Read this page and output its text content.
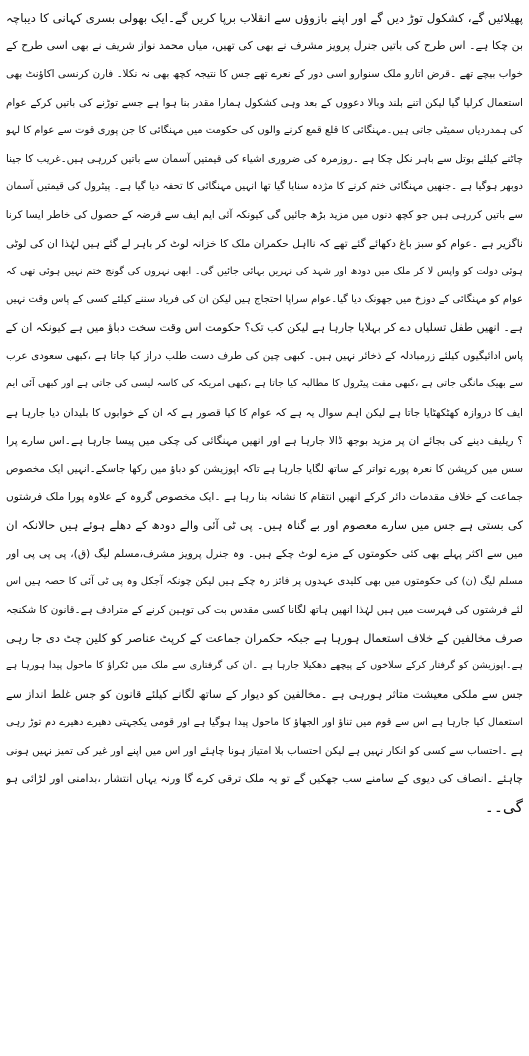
پھیلائیں گے، کشکول توڑ دیں گے اور اپنے بازوؤں سے انقلاب برپا کریں گے۔ایک بھولی بسری کہانی کا دیباچہ
بن چکا ہے۔ اس طرح کی باتیں جنرل پرویز مشرف نے بھی کی تھیں، میاں محمد نواز شریف نے بھی اسی طرح کے
خواب بیچے تھے ۔قرض اتارو ملک سنوارو اسی دور کے نعرے تھے جس کا نتیجہ کچھ بھی نہ نکلا۔ فارن کرنسی اکاؤنٹ بھی
استعمال کرلیا گیا لیکن اتنے بلند وبالا دعووں کے بعد وہی کشکول ہمارا مقدر بنا ہوا ہے جسے توڑنے کی باتیں کرکے عوام
کی ہمدردیاں سمیٹی جاتی ہیں۔مہنگائی کا قلع قمع کرنے والوں کی حکومت میں مہنگائی کا جن پوری قوت سے عوام کا لہو
چاٹنے کیلئے بوتل سے باہر نکل چکا ہے ۔روزمرہ کی ضروری اشیاء کی قیمتیں آسمان سے باتیں کررہی ہیں۔غریب کا جینا
دوبھر ہوگیا ہے ۔جنھیں مہنگائی ختم کرنے کا مژدہ سنایا گیا تھا انہیں مہنگائی کا تحفہ دیا گیا ہے۔ پیٹرول کی قیمتیں آسمان
سے باتیں کررہی ہیں جو کچھ دنوں میں مزید بڑھ جائیں گی کیونکہ آئی ایم ایف سے قرضہ کے حصول کی خاطر ایسا کرنا
ناگزیر ہے ۔عوام کو سبز باغ دکھائے گئے تھے کہ نااہل حکمران ملک کا خزانہ لوٹ کر باہر لے گئے ہیں لہٰذا ان کی لوٹی
ہوئی دولت کو واپس لا کر ملک میں دودھ اور شہد کی نہریں بہائی جائیں گی۔ ابھی نہروں کی گونج ختم نہیں ہوئی تھی کہ
عوام کو مہنگائی کے دوزخ میں جھونک دیا گیا۔عوام سراپا احتجاج ہیں لیکن ان کی فریاد سننے کیلئے کسی کے پاس وقت نہیں
ہے۔ انھیں طفل تسلیاں دے کر بہلایا جارہا ہے لیکن کب تک؟ حکومت اس وقت سخت دباؤ میں ہے کیونکہ ان کے
پاس ادائیگیوں کیلئے زرمبادلہ کے ذخائر نہیں ہیں۔ کبھی چین کی طرف دست طلب دراز کیا جاتا ہے ،کبھی سعودی عرب
سے بھیک مانگی جاتی ہے ،کبھی مفت پیٹرول کا مطالبہ کیا جاتا ہے ،کبھی امریکہ کی کاسہ لیسی کی جاتی ہے اور کبھی آئی ایم
ایف کا دروازہ کھٹکھٹایا جاتا ہے لیکن اہم سوال یہ ہے کہ عوام کا کیا قصور ہے کہ ان کے خوابوں کا بلیدان دیا جارہا ہے
؟ ریلیف دینے کی بجائے ان پر مزید بوجھ ڈالا جارہا ہے اور انھیں مہنگائی کی چکی میں پیسا جارہا ہے۔اس سارے پرا
سس میں کرپشن کا نعرہ پورے تواتر کے ساتھ لگایا جارہا ہے تاکہ اپوزیشن کو دباؤ میں رکھا جاسکے۔انہیں ایک مخصوص
جماعت کے خلاف مقدمات دائر کرکے انھیں انتقام کا نشانہ بنا رہا ہے ۔ایک مخصوص گروہ کے علاوہ پورا ملک فرشتوں
کی بستی ہے جس میں سارے معصوم اور بے گناہ ہیں۔ پی ٹی آئی والے دودھ کے دھلے ہوئے ہیں حالانکہ ان
میں سے اکثر پہلے بھی کئی حکومتوں کے مزے لوٹ چکے ہیں۔ وہ جنرل پرویز مشرف،مسلم لیگ (ق)، پی پی پی اور
مسلم لیگ (ن) کی حکومتوں میں بھی کلیدی عہدوں پر فائز رہ چکے ہیں لیکن چونکہ آجکل وہ پی ٹی آئی کا حصہ ہیں اس
لئے فرشتوں کی فہرست میں ہیں لہٰذا انھیں ہاتھ لگانا کسی مقدس بت کی توہین کرنے کے مترادف ہے۔قانون کا شکنجہ
صرف مخالفین کے خلاف استعمال ہورہا ہے جبکہ حکمران جماعت کے کرپٹ عناصر کو کلین چٹ دی جا رہی
ہے۔اپوزیشن کو گرفتار کرکے سلاخوں کے پیچھے دھکیلا جارہا ہے ۔ان کی گرفتاری سے ملک میں ٹکراؤ کا ماحول پیدا ہورہا ہے
جس سے ملکی معیشت متاثر ہورہی ہے ۔مخالفین کو دیوار کے ساتھ لگانے کیلئے قانون کو جس غلط انداز سے
استعمال کیا جارہا ہے اس سے قوم میں تناؤ اور الجھاؤ کا ماحول پیدا ہوگیا ہے اور قومی یکجہتی دھیرے دھیرے دم توڑ رہی
ہے ۔احتساب سے کسی کو انکار نہیں ہے لیکن احتساب بلا امتیاز ہونا چاہئے اور اس میں اپنے اور غیر کی تمیز نہیں ہونی
چاہئے ۔انصاف کی دیوی کے سامنے سب جھکیں گے تو یہ ملک ترقی کرے گا ورنہ یہاں انتشار ،بدامنی اور لڑائی ہو
گی۔۔
